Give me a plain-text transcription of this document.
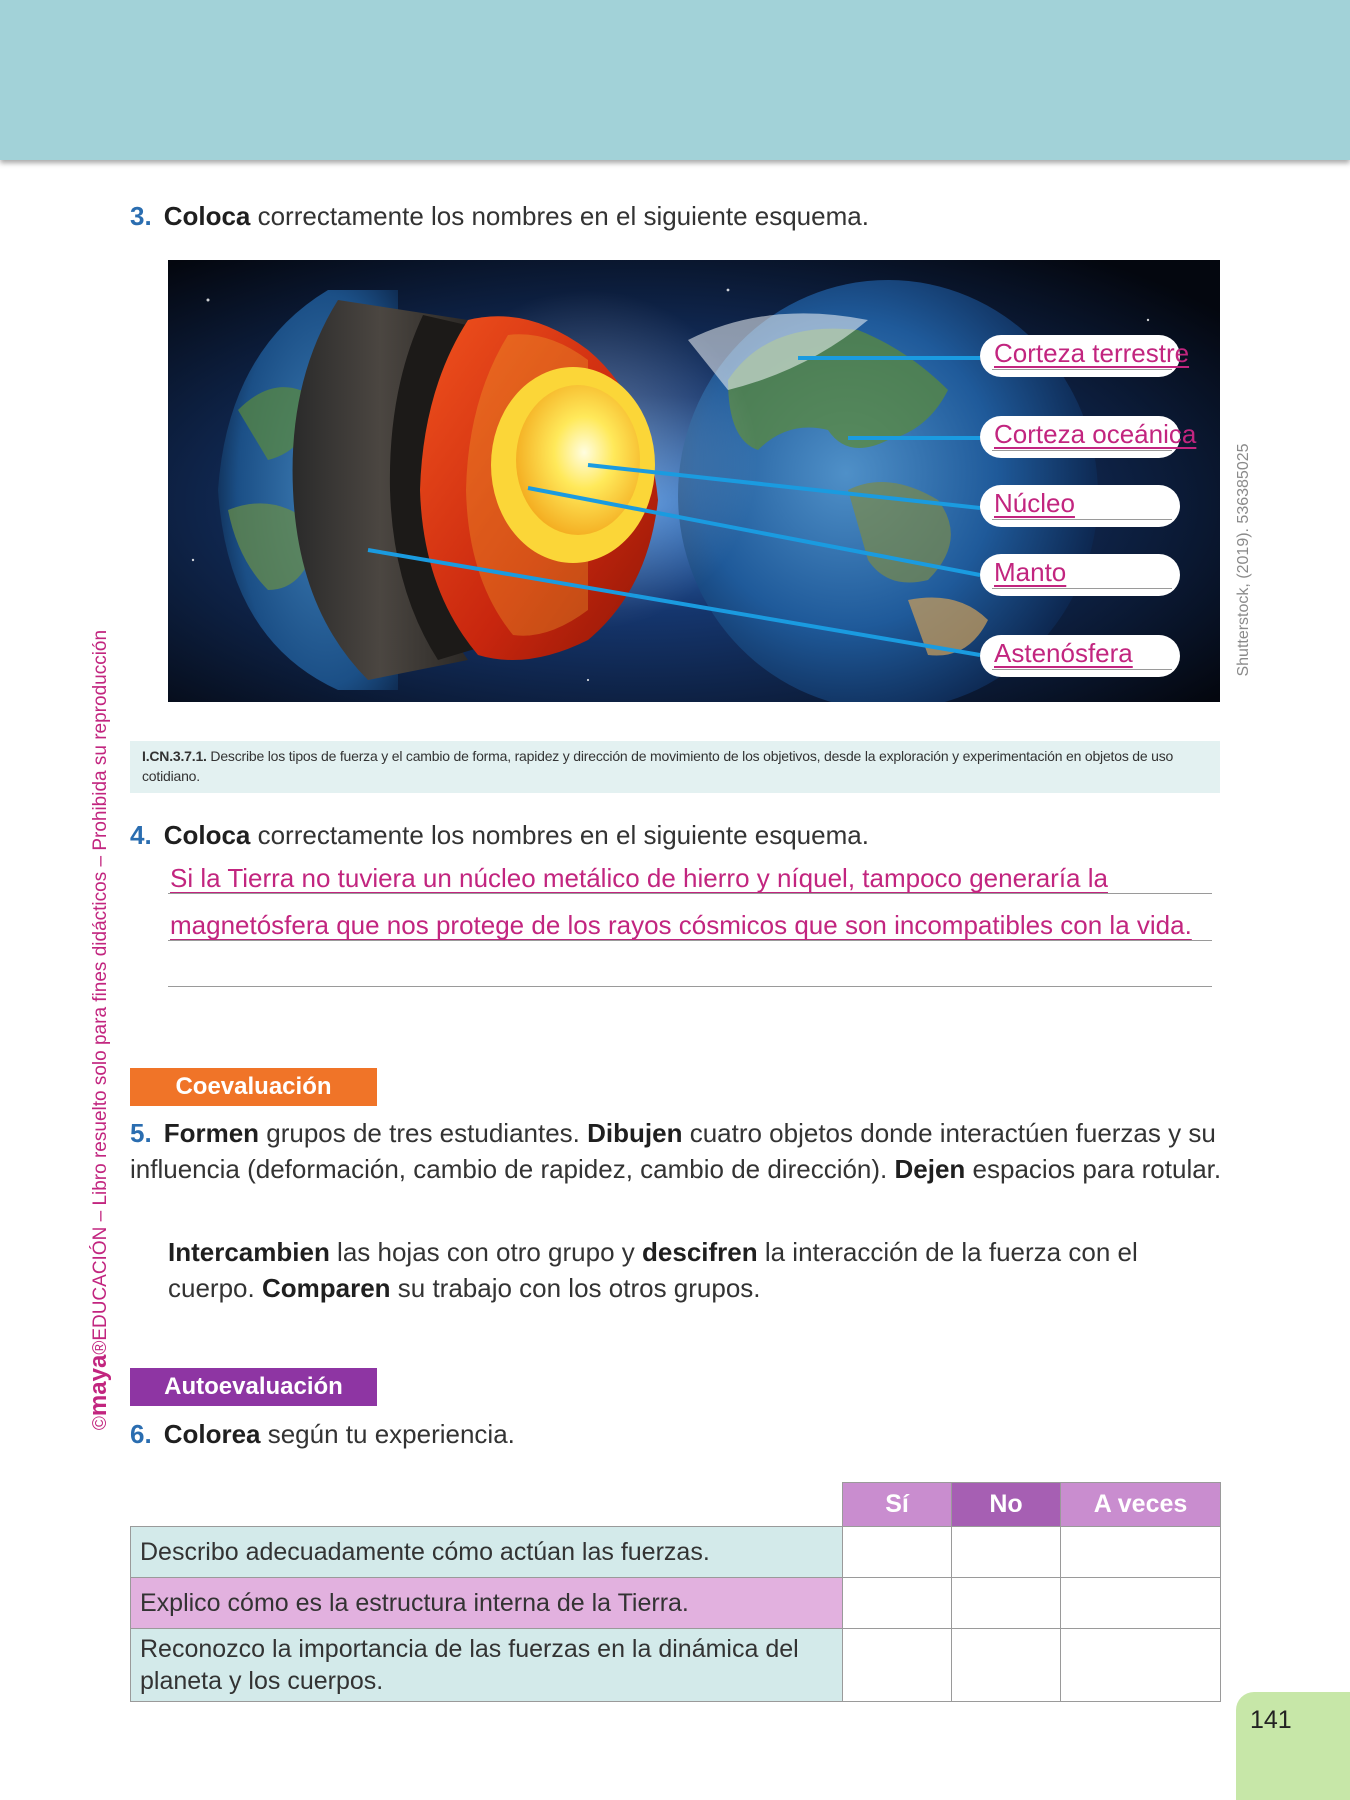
©maya®EDUCACIÓN – Libro resuelto solo para fines didácticos – Prohibida su reproducción
3. Coloca correctamente los nombres en el siguiente esquema.
Corteza terrestre
Corteza oceánica
Núcleo
Manto
Astenósfera	Shutterstock, (2019). 536385025
I.CN.3.7.1. Describe los tipos de fuerza y el cambio de forma, rapidez y dirección de movimiento de los objetivos, desde la exploración y experimentación en objetos de uso cotidiano.
4. Coloca correctamente los nombres en el siguiente esquema.
Si la Tierra no tuviera un núcleo metálico de hierro y níquel, tampoco generaría la
magnetósfera que nos protege de los rayos cósmicos que son incompatibles con la vida.
Coevaluación
5. Formen grupos de tres estudiantes. Dibujen cuatro objetos donde interactúen fuerzas y su influencia (deformación, cambio de rapidez, cambio de dirección). Dejen espacios para rotular.
Intercambien las hojas con otro grupo y descifren la interacción de la fuerza con el cuerpo. Comparen su trabajo con los otros grupos.
Autoevaluación
6. Colorea según tu experiencia.
	Sí	No	A veces
Describo adecuadamente cómo actúan las fuerzas.			
Explico cómo es la estructura interna de la Tierra.			
Reconozco la importancia de las fuerzas en la dinámica del planeta y los cuerpos.			
141
